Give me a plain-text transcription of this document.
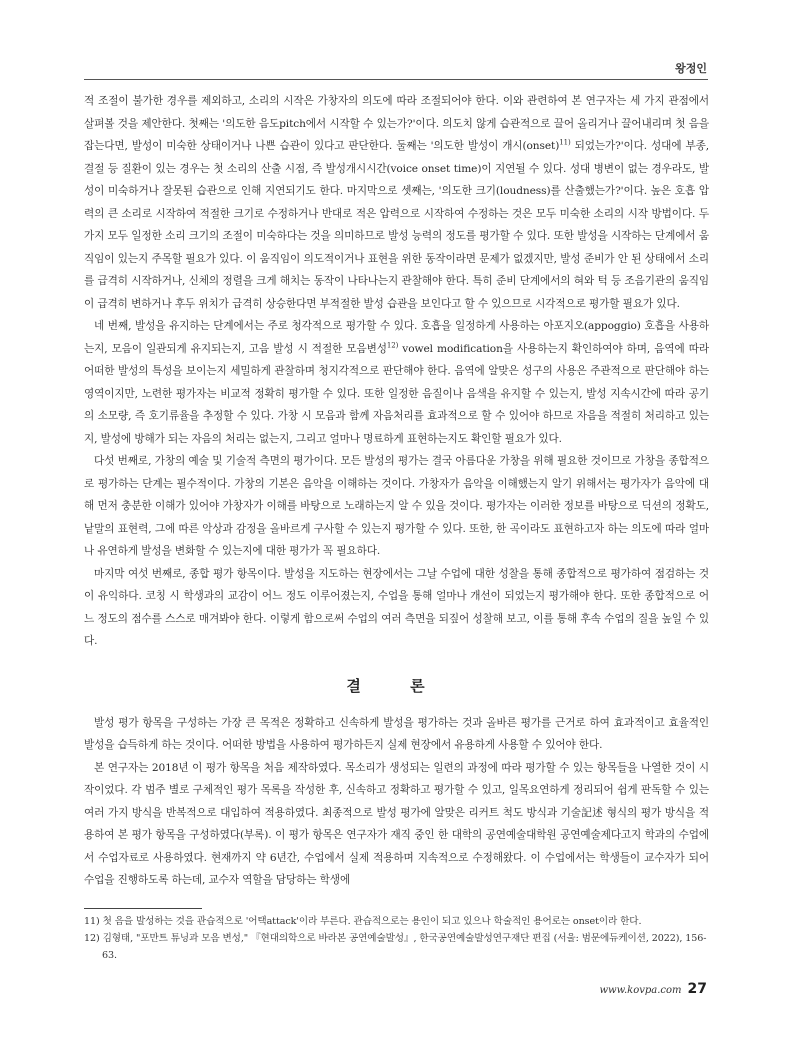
왕정인

적 조절이 불가한 경우를 제외하고, 소리의 시작은 가창자의 의도에 따라 조절되어야 한다. 이와 관련하여 본 연구자는 세 가지 관점에서 살펴볼 것을 제안한다. 첫째는 '의도한 음도pitch에서 시작할 수 있는가?'이다. 의도치 않게 습관적으로 끌어 올리거나 끌어내리며 첫 음을 잡는다면, 발성이 미숙한 상태이거나 나쁜 습관이 있다고 판단한다. 둘째는 '의도한 발성이 개시(onset)$^{11)}$ 되었는가?'이다. 성대에 부종, 결절 등 질환이 있는 경우는 첫 소리의 산출 시점, 즉 발성개시시간(voice onset time)이 지연될 수 있다. 성대 병변이 없는 경우라도, 발성이 미숙하거나 잘못된 습관으로 인해 지연되기도 한다. 마지막으로 셋째는, '의도한 크기(loudness)를 산출했는가?'이다. 높은 호흡 압력의 큰 소리로 시작하여 적절한 크기로 수정하거나 반대로 적은 압력으로 시작하여 수정하는 것은 모두 미숙한 소리의 시작 방법이다. 두 가지 모두 일정한 소리 크기의 조절이 미숙하다는 것을 의미하므로 발성 능력의 정도를 평가할 수 있다. 또한 발성을 시작하는 단계에서 움직임이 있는지 주목할 필요가 있다. 이 움직임이 의도적이거나 표현을 위한 동작이라면 문제가 없겠지만, 발성 준비가 안 된 상태에서 소리를 급격히 시작하거나, 신체의 정렬을 크게 해치는 동작이 나타나는지 관찰해야 한다. 특히 준비 단계에서의 혀와 턱 등 조음기관의 움직임이 급격히 변하거나 후두 위치가 급격히 상승한다면 부적절한 발성 습관을 보인다고 할 수 있으므로 시각적으로 평가할 필요가 있다.

네 번째, 발성을 유지하는 단계에서는 주로 청각적으로 평가할 수 있다. 호흡을 일정하게 사용하는 아포지오(appoggio) 호흡을 사용하는지, 모음이 일관되게 유지되는지, 고음 발성 시 적절한 모음변성$^{12)}$ vowel modification을 사용하는지 확인하여야 하며, 음역에 따라 어떠한 발성의 특성을 보이는지 세밀하게 관찰하며 청지각적으로 판단해야 한다. 음역에 알맞은 성구의 사용은 주관적으로 판단해야 하는 영역이지만, 노련한 평가자는 비교적 정확히 평가할 수 있다. 또한 일정한 음질이나 음색을 유지할 수 있는지, 발성 지속시간에 따라 공기의 소모량, 즉 호기류율을 추정할 수 있다. 가창 시 모음과 함께 자음처리를 효과적으로 할 수 있어야 하므로 자음을 적절히 처리하고 있는지, 발성에 방해가 되는 자음의 처리는 없는지, 그리고 얼마나 명료하게 표현하는지도 확인할 필요가 있다.

다섯 번째로, 가창의 예술 및 기술적 측면의 평가이다. 모든 발성의 평가는 결국 아름다운 가창을 위해 필요한 것이므로 가창을 종합적으로 평가하는 단계는 필수적이다. 가창의 기본은 음악을 이해하는 것이다. 가창자가 음악을 이해했는지 알기 위해서는 평가자가 음악에 대해 먼저 충분한 이해가 있어야 가창자가 이해를 바탕으로 노래하는지 알 수 있을 것이다. 평가자는 이러한 정보를 바탕으로 딕션의 정확도, 낱말의 표현력, 그에 따른 악상과 감정을 올바르게 구사할 수 있는지 평가할 수 있다. 또한, 한 곡이라도 표현하고자 하는 의도에 따라 얼마나 유연하게 발성을 변화할 수 있는지에 대한 평가가 꼭 필요하다.

마지막 여섯 번째로, 종합 평가 항목이다. 발성을 지도하는 현장에서는 그날 수업에 대한 성찰을 통해 종합적으로 평가하여 점검하는 것이 유익하다. 코칭 시 학생과의 교감이 어느 정도 이루어졌는지, 수업을 통해 얼마나 개선이 되었는지 평가해야 한다. 또한 종합적으로 어느 정도의 점수를 스스로 매겨봐야 한다. 이렇게 함으로써 수업의 여러 측면을 되짚어 성찰해 보고, 이를 통해 후속 수업의 질을 높일 수 있다.

결 론

발성 평가 항목을 구성하는 가장 큰 목적은 정확하고 신속하게 발성을 평가하는 것과 올바른 평가를 근거로 하여 효과적이고 효율적인 발성을 습득하게 하는 것이다. 어떠한 방법을 사용하여 평가하든지 실제 현장에서 유용하게 사용할 수 있어야 한다.

본 연구자는 2018년 이 평가 항목을 처음 제작하였다. 목소리가 생성되는 일련의 과정에 따라 평가할 수 있는 항목들을 나열한 것이 시작이었다. 각 범주 별로 구체적인 평가 목록을 작성한 후, 신속하고 정확하고 평가할 수 있고, 일목요연하게 정리되어 쉽게 판독할 수 있는 여러 가지 방식을 반복적으로 대입하여 적용하였다. 최종적으로 발성 평가에 알맞은 리커트 척도 방식과 기술記述 형식의 평가 방식을 적용하여 본 평가 항목을 구성하였다(부록). 이 평가 항목은 연구자가 재직 중인 한 대학의 공연예술대학원 공연예술제다고지 학과의 수업에서 수업자료로 사용하였다. 현재까지 약 6년간, 수업에서 실제 적용하며 지속적으로 수정해왔다. 이 수업에서는 학생들이 교수자가 되어 수업을 진행하도록 하는데, 교수자 역할을 담당하는 학생에

11) 첫 음을 발성하는 것을 관습적으로 '어택attack'이라 부른다. 관습적으로는 용인이 되고 있으나 학술적인 용어로는 onset이라 한다.

12) 김형태, "포만트 튜닝과 모음 변성," 『현대의학으로 바라본 공연예술발성』, 한국공연예술발성연구재단 편집 (서울: 범문에듀케이션, 2022), 156-63.

www.kovpa.com 27
